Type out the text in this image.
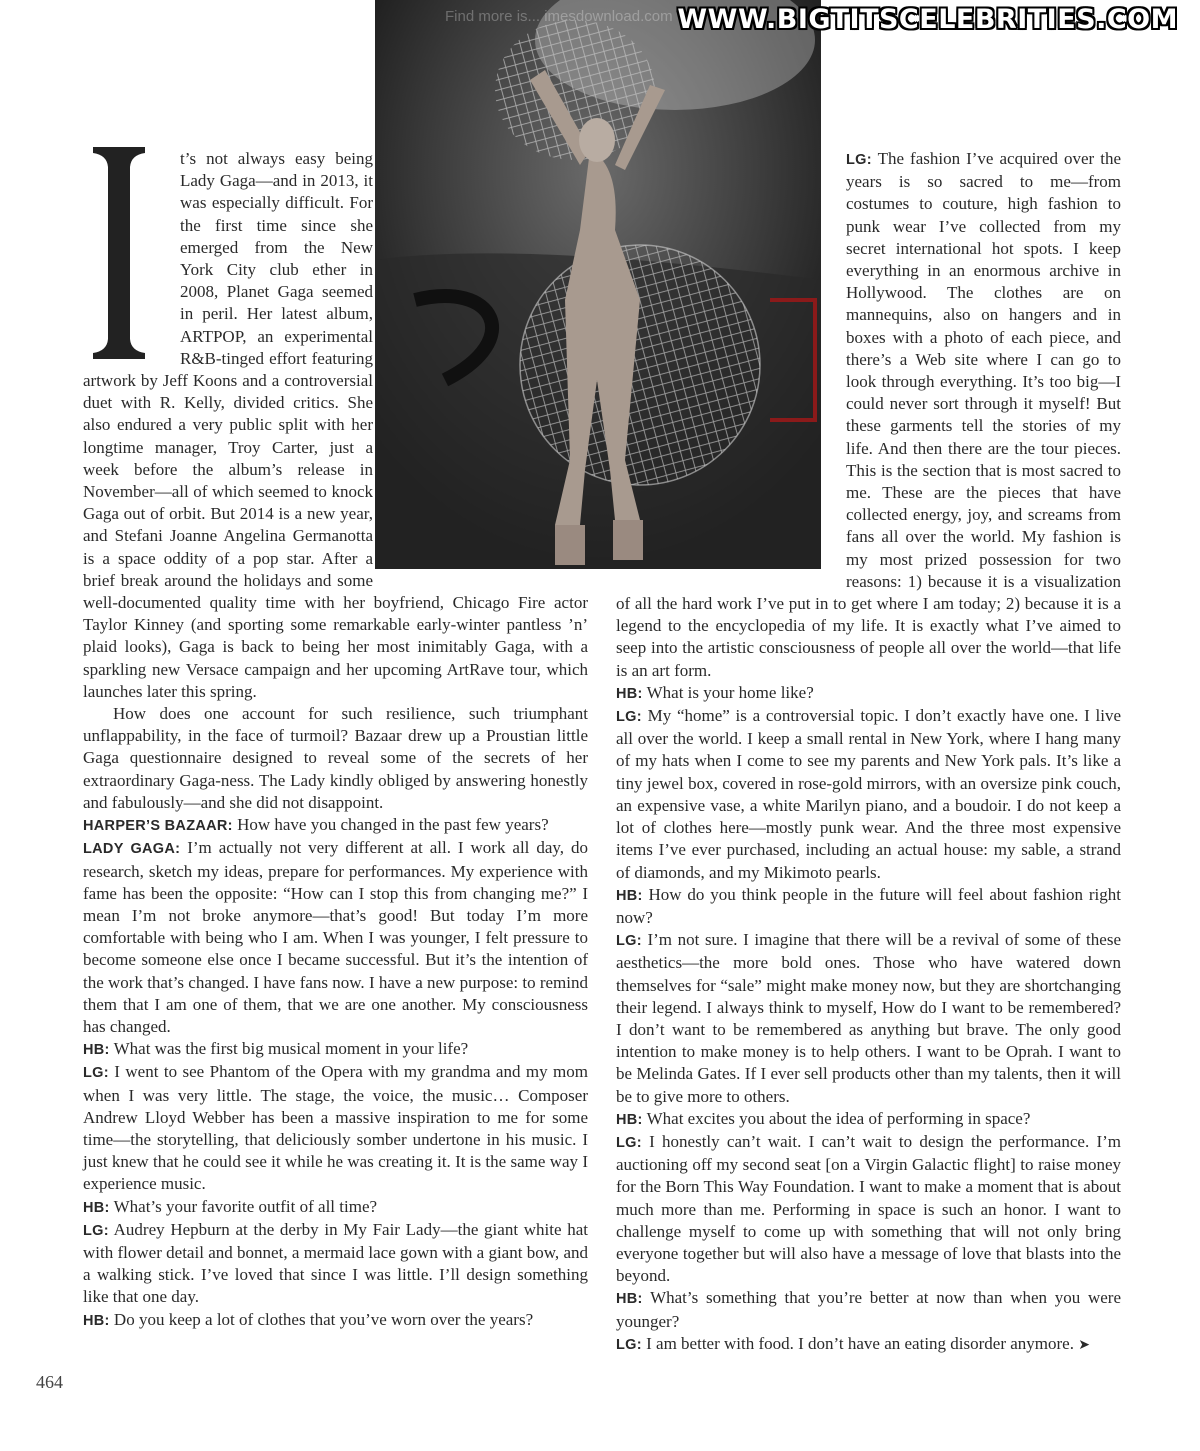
Find more is... imesdownload.com WWW.BIGTITSCELEBRITIES.COM

t’s not always easy being Lady Gaga—and in 2013, it was especially difficult. For the first time since she emerged from the New York City club ether in 2008, Planet Gaga seemed in peril. Her latest album, ARTPOP, an experimental R&B-tinged effort featuring artwork by Jeff Koons and a controversial duet with R. Kelly, divided critics. She also endured a very public split with her longtime manager, Troy Carter, just a week before the album’s release in November—all of which seemed to knock Gaga out of orbit. But 2014 is a new year, and Stefani Joanne Angelina Germanotta is a space oddity of a pop star. After a brief break around the holidays and some well-documented quality time with her boyfriend, Chicago Fire actor Taylor Kinney (and sporting some remarkable early-winter pantless ’n’ plaid looks), Gaga is back to being her most inimitably Gaga, with a sparkling new Versace campaign and her upcoming ArtRave tour, which launches later this spring.

How does one account for such resilience, such triumphant unflappability, in the face of turmoil? Bazaar drew up a Proustian little Gaga questionnaire designed to reveal some of the secrets of her extraordinary Gaga-ness. The Lady kindly obliged by answering honestly and fabulously—and she did not disappoint.

HARPER’S BAZAAR: How have you changed in the past few years?

LADY GAGA: I’m actually not very different at all. I work all day, do research, sketch my ideas, prepare for performances. My experience with fame has been the opposite: “How can I stop this from changing me?” I mean I’m not broke anymore—that’s good! But today I’m more comfortable with being who I am. When I was younger, I felt pressure to become someone else once I became successful. But it’s the intention of the work that’s changed. I have fans now. I have a new purpose: to remind them that I am one of them, that we are one another. My consciousness has changed.

HB: What was the first big musical moment in your life?

LG: I went to see Phantom of the Opera with my grandma and my mom when I was very little. The stage, the voice, the music… Composer Andrew Lloyd Webber has been a massive inspiration to me for some time—the storytelling, that deliciously somber undertone in his music. I just knew that he could see it while he was creating it. It is the same way I experience music.

HB: What’s your favorite outfit of all time?

LG: Audrey Hepburn at the derby in My Fair Lady—the giant white hat with flower detail and bonnet, a mermaid lace gown with a giant bow, and a walking stick. I’ve loved that since I was little. I’ll design something like that one day.

HB: Do you keep a lot of clothes that you’ve worn over the years?

LG: The fashion I’ve acquired over the years is so sacred to me—from costumes to couture, high fashion to punk wear I’ve collected from my secret international hot spots. I keep everything in an enormous archive in Hollywood. The clothes are on mannequins, also on hangers and in boxes with a photo of each piece, and there’s a Web site where I can go to look through everything. It’s too big—I could never sort through it myself! But these garments tell the stories of my life. And then there are the tour pieces. This is the section that is most sacred to me. These are the pieces that have collected energy, joy, and screams from fans all over the world. My fashion is my most prized possession for two reasons: 1) because it is a visualization of all the hard work I’ve put in to get where I am today; 2) because it is a legend to the encyclopedia of my life. It is exactly what I’ve aimed to seep into the artistic consciousness of people all over the world—that life is an art form.

HB: What is your home like?

LG: My “home” is a controversial topic. I don’t exactly have one. I live all over the world. I keep a small rental in New York, where I hang many of my hats when I come to see my parents and New York pals. It’s like a tiny jewel box, covered in rose-gold mirrors, with an oversize pink couch, an expensive vase, a white Marilyn piano, and a boudoir. I do not keep a lot of clothes here—mostly punk wear. And the three most expensive items I’ve ever purchased, including an actual house: my sable, a strand of diamonds, and my Mikimoto pearls.

HB: How do you think people in the future will feel about fashion right now?

LG: I’m not sure. I imagine that there will be a revival of some of these aesthetics—the more bold ones. Those who have watered down themselves for “sale” might make money now, but they are shortchanging their legend. I always think to myself, How do I want to be remembered? I don’t want to be remembered as anything but brave. The only good intention to make money is to help others. I want to be Oprah. I want to be Melinda Gates. If I ever sell products other than my talents, then it will be to give more to others.

HB: What excites you about the idea of performing in space?

LG: I honestly can’t wait. I can’t wait to design the performance. I’m auctioning off my second seat [on a Virgin Galactic flight] to raise money for the Born This Way Foundation. I want to make a moment that is about much more than me. Performing in space is such an honor. I want to challenge myself to come up with something that will not only bring everyone together but will also have a message of love that blasts into the beyond.

HB: What’s something that you’re better at now than when you were younger?

LG: I am better with food. I don’t have an eating disorder anymore. ➤

464
